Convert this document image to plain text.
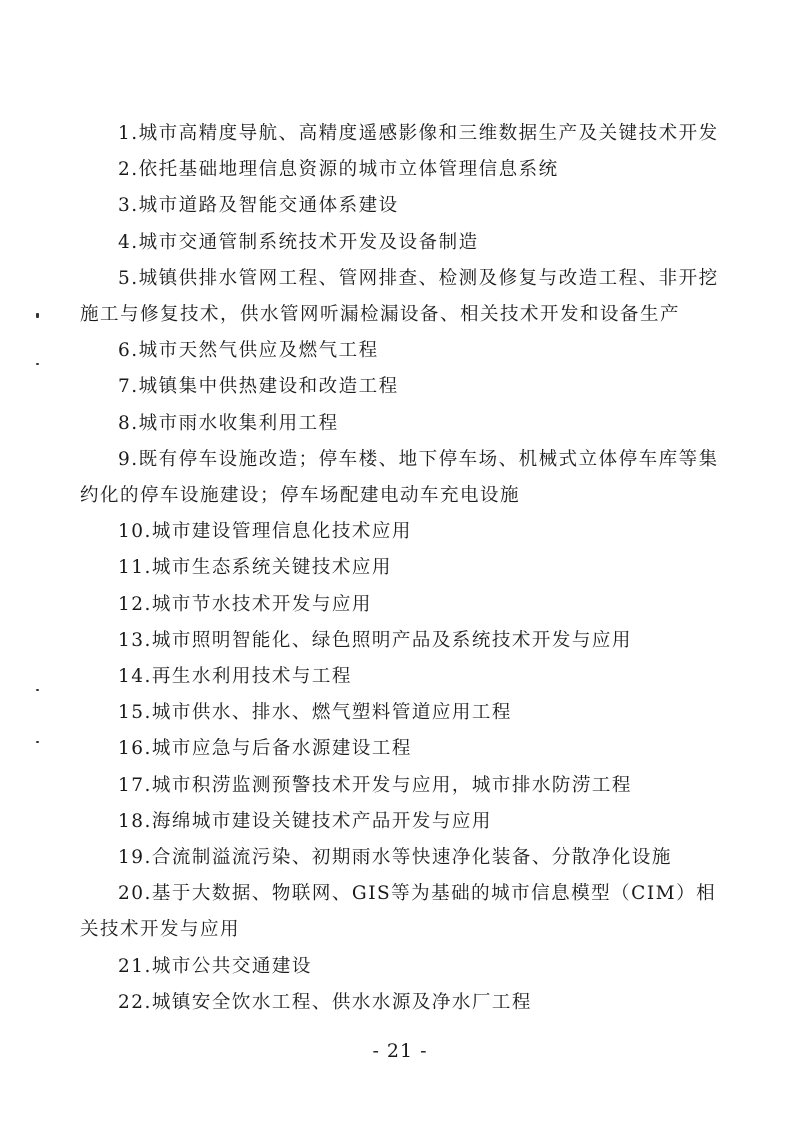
1.城市高精度导航、高精度遥感影像和三维数据生产及关键技术开发

2.依托基础地理信息资源的城市立体管理信息系统

3.城市道路及智能交通体系建设

4.城市交通管制系统技术开发及设备制造

5.城镇供排水管网工程、管网排查、检测及修复与改造工程、非开挖施工与修复技术，供水管网听漏检漏设备、相关技术开发和设备生产

6.城市天然气供应及燃气工程

7.城镇集中供热建设和改造工程

8.城市雨水收集利用工程

9.既有停车设施改造；停车楼、地下停车场、机械式立体停车库等集约化的停车设施建设；停车场配建电动车充电设施

10.城市建设管理信息化技术应用

11.城市生态系统关键技术应用

12.城市节水技术开发与应用

13.城市照明智能化、绿色照明产品及系统技术开发与应用

14.再生水利用技术与工程

15.城市供水、排水、燃气塑料管道应用工程

16.城市应急与后备水源建设工程

17.城市积涝监测预警技术开发与应用，城市排水防涝工程

18.海绵城市建设关键技术产品开发与应用

19.合流制溢流污染、初期雨水等快速净化装备、分散净化设施

20.基于大数据、物联网、GIS等为基础的城市信息模型（CIM）相关技术开发与应用

21.城市公共交通建设

22.城镇安全饮水工程、供水水源及净水厂工程

- 21 -
